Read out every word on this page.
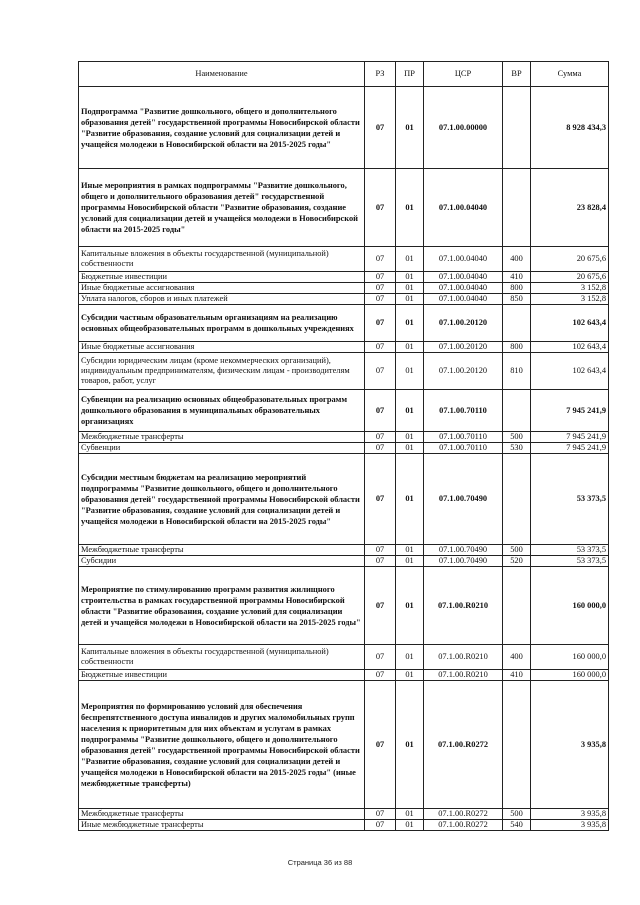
Наименование	РЗ	ПР	ЦСР	ВР	Сумма
Подпрограмма "Развитие дошкольного, общего и дополнительного образования детей" государственной программы Новосибирской области "Развитие образования, создание условий для социализации детей и учащейся молодежи в Новосибирской области на 2015-2025 годы"	07	01	07.1.00.00000		8 928 434,3
Иные мероприятия в рамках подпрограммы "Развитие дошкольного, общего и дополнительного образования детей" государственной программы Новосибирской области "Развитие образования, создание условий для социализации детей и учащейся молодежи в Новосибирской области на 2015-2025 годы"	07	01	07.1.00.04040		23 828,4
Капитальные вложения в объекты государственной (муниципальной) собственности	07	01	07.1.00.04040	400	20 675,6
Бюджетные инвестиции	07	01	07.1.00.04040	410	20 675,6
Иные бюджетные ассигнования	07	01	07.1.00.04040	800	3 152,8
Уплата налогов, сборов и иных платежей	07	01	07.1.00.04040	850	3 152,8
Субсидии частным образовательным организациям на реализацию основных общеобразовательных программ в дошкольных учреждениях	07	01	07.1.00.20120		102 643,4
Иные бюджетные ассигнования	07	01	07.1.00.20120	800	102 643,4
Субсидии юридическим лицам (кроме некоммерческих организаций), индивидуальным предпринимателям, физическим лицам - производителям товаров, работ, услуг	07	01	07.1.00.20120	810	102 643,4
Субвенции на реализацию основных общеобразовательных программ дошкольного образования в муниципальных образовательных организациях	07	01	07.1.00.70110		7 945 241,9
Межбюджетные трансферты	07	01	07.1.00.70110	500	7 945 241,9
Субвенции	07	01	07.1.00.70110	530	7 945 241,9
Субсидии местным бюджетам на реализацию мероприятий подпрограммы "Развитие дошкольного, общего и дополнительного образования детей" государственной программы Новосибирской области "Развитие образования, создание условий для социализации детей и учащейся молодежи в Новосибирской области на 2015-2025 годы"	07	01	07.1.00.70490		53 373,5
Межбюджетные трансферты	07	01	07.1.00.70490	500	53 373,5
Субсидии	07	01	07.1.00.70490	520	53 373,5
Мероприятие по стимулированию программ развития жилищного строительства в рамках государственной программы Новосибирской области "Развитие образования, создание условий для социализации детей и учащейся молодежи в Новосибирской области на 2015-2025 годы"	07	01	07.1.00.R0210		160 000,0
Капитальные вложения в объекты государственной (муниципальной) собственности	07	01	07.1.00.R0210	400	160 000,0
Бюджетные инвестиции	07	01	07.1.00.R0210	410	160 000,0
Мероприятия по формированию условий для обеспечения беспрепятственного доступа инвалидов и других маломобильных групп населения к приоритетным для них объектам и услугам в рамках подпрограммы "Развитие дошкольного, общего и дополнительного образования детей" государственной программы Новосибирской области "Развитие образования, создание условий для социализации детей и учащейся молодежи в Новосибирской области на 2015-2025 годы" (иные межбюджетные трансферты)	07	01	07.1.00.R0272		3 935,8
Межбюджетные трансферты	07	01	07.1.00.R0272	500	3 935,8
Иные межбюджетные трансферты	07	01	07.1.00.R0272	540	3 935,8
Страница 36 из 88
